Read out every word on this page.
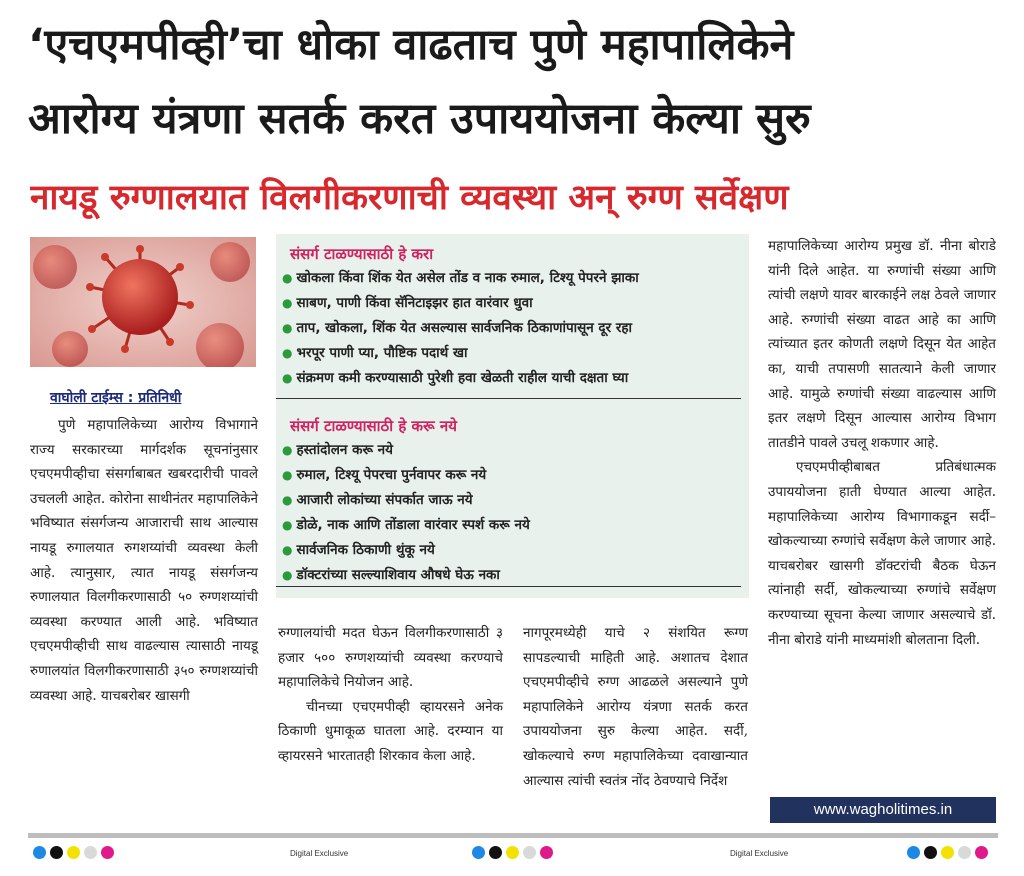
‘एचएमपीव्ही’चा धोका वाढताच पुणे महापालिकेने
आरोग्य यंत्रणा सतर्क करत उपाययोजना केल्या सुरु
नायडू रुग्णालयात विलगीकरणाची व्यवस्था अन् रुग्ण सर्वेक्षण
वाघोली टाईम्स : प्रतिनिधी

पुणे महापालिकेच्या आरोग्य विभागाने राज्य सरकारच्या मार्गदर्शक सूचनांनुसार एचएमपीव्हीचा संसर्गाबाबत खबरदारीची पावले उचलली आहेत. कोरोना साथीनंतर महापालिकेने भविष्यात संसर्गजन्य आजाराची साथ आल्यास नायडू रुगालयात रुगशय्यांची व्यवस्था केली आहे. त्यानुसार, त्यात नायडू संसर्गजन्य रुणालयात विलगीकरणासाठी ५० रुग्णशय्यांची व्यवस्था करण्यात आली आहे. भविष्यात एचएमपीव्हीची साथ वाढल्यास त्यासाठी नायडू रुणालयांत विलगीकरणासाठी ३५० रुग्णशय्यांची व्यवस्था आहे. याचबरोबर खासगी

संसर्ग टाळण्यासाठी हे करा
● खोकला किंवा शिंक येत असेल तोंड व नाक रुमाल, टिश्यू पेपरने झाका
● साबण, पाणी किंवा सॅनिटाइझर हात वारंवार धुवा
● ताप, खोकला, शिंक येत असल्यास सार्वजनिक ठिकाणांपासून दूर रहा
● भरपूर पाणी प्या, पौष्टिक पदार्थ खा
● संक्रमण कमी करण्यासाठी पुरेशी हवा खेळती राहील याची दक्षता घ्या
संसर्ग टाळण्यासाठी हे करू नये
● हस्तांदोलन करू नये
● रुमाल, टिश्यू पेपरचा पुर्नवापर करू नये
● आजारी लोकांच्या संपर्कात जाऊ नये
● डोळे, नाक आणि तोंडाला वारंवार स्पर्श करू नये
● सार्वजनिक ठिकाणी थुंकू नये
● डॉक्टरांच्या सल्ल्याशिवाय औषधे घेऊ नका

रुग्णालयांची मदत घेऊन विलगीकरणासाठी ३ हजार ५०० रुग्णशय्यांची व्यवस्था करण्याचे महापालिकेचे नियोजन आहे.

चीनच्या एचएमपीव्ही व्हायरसने अनेक ठिकाणी धुमाकूळ घातला आहे. दरम्यान या व्हायरसने भारतातही शिरकाव केला आहे.

नागपूरमध्येही याचे २ संशयित रूग्ण सापडल्याची माहिती आहे. अशातच देशात एचएमपीव्हीचे रुग्ण आढळले असल्याने पुणे महापालिकेने आरोग्य यंत्रणा सतर्क करत उपाययोजना सुरु केल्या आहेत. सर्दी, खोकल्याचे रुग्ण महापालिकेच्या दवाखान्यात आल्यास त्यांची स्वतंत्र नोंद ठेवण्याचे निर्देश

महापालिकेच्या आरोग्य प्रमुख डॉ. नीना बोराडे यांनी दिले आहेत. या रुग्णांची संख्या आणि त्यांची लक्षणे यावर बारकाईने लक्ष ठेवले जाणार आहे. रुग्णांची संख्या वाढत आहे का आणि त्यांच्यात इतर कोणती लक्षणे दिसून येत आहेत का, याची तपासणी सातत्याने केली जाणार आहे. यामुळे रुग्णांची संख्या वाढल्यास आणि इतर लक्षणे दिसून आल्यास आरोग्य विभाग तातडीने पावले उचलू शकणार आहे.

एचएमपीव्हीबाबत प्रतिबंधात्मक उपाययोजना हाती घेण्यात आल्या आहेत. महापालिकेच्या आरोग्य विभागाकडून सर्दी–खोकल्याच्या रुग्णांचे सर्वेक्षण केले जाणार आहे. याचबरोबर खासगी डॉक्टरांची बैठक घेऊन त्यांनाही सर्दी, खोकल्याच्या रुग्णांचे सर्वेक्षण करण्याच्या सूचना केल्या जाणार असल्याचे डॉ. नीना बोराडे यांनी माध्यमांशी बोलताना दिली.

www.wagholitimes.in
Digital Exclusive	Digital Exclusive
